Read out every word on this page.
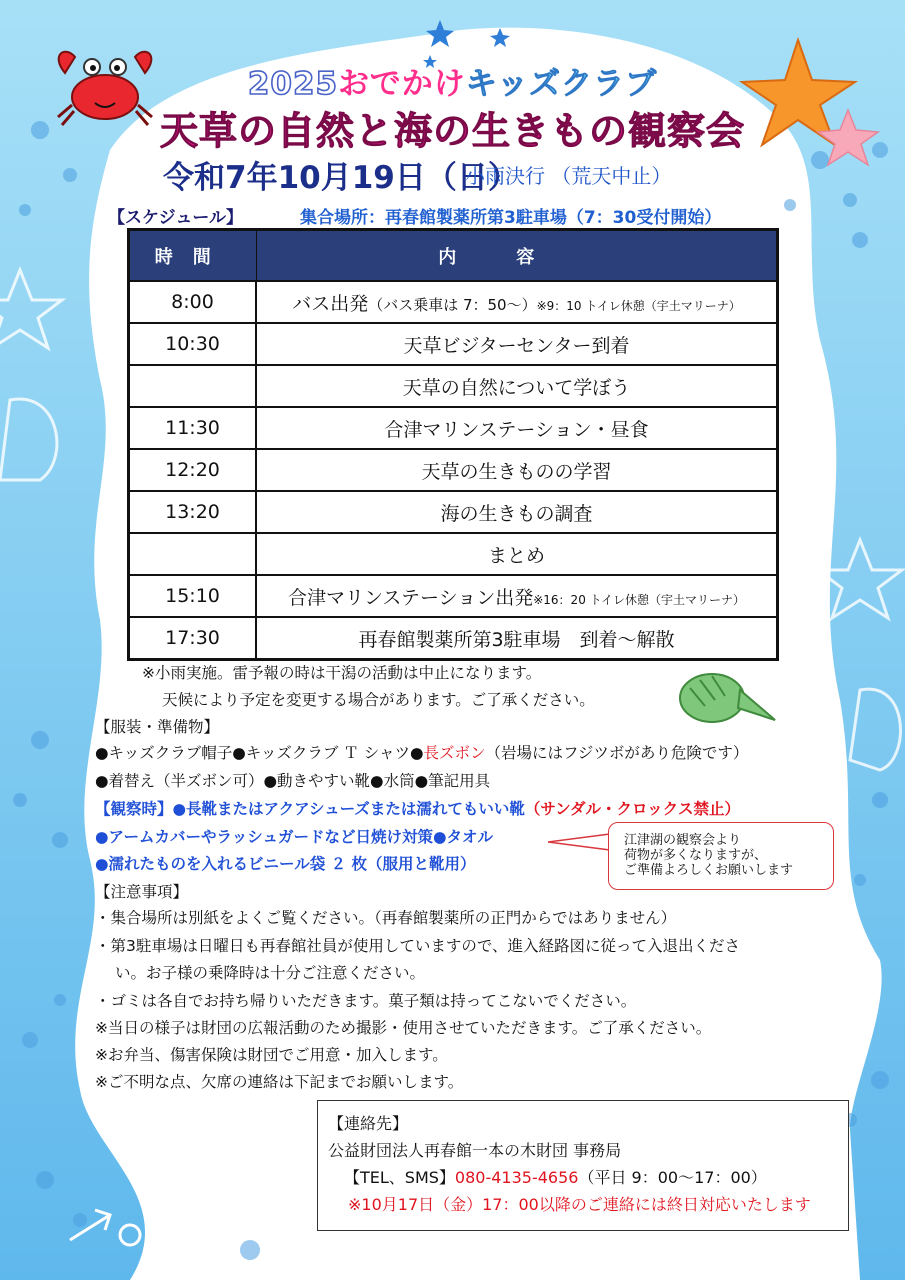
2025おでかけキッズクラブ
天草の自然と海の生きもの観察会
令和7年10月19日（日）
小雨決行 （荒天中止）
【スケジュール】	集合場所：再春館製薬所第3駐車場（7：30受付開始）
時間	内容
8:00	バス出発（バス乗車は 7：50～）※9：10 トイレ休憩（宇土マリーナ）
10:30	天草ビジターセンター到着
	天草の自然について学ぼう
11:30	合津マリンステーション・昼食
12:20	天草の生きものの学習
13:20	海の生きもの調査
	まとめ
15:10	合津マリンステーション出発※16：20 トイレ休憩（宇土マリーナ）
17:30	再春館製薬所第3駐車場　到着～解散
※小雨実施。雷予報の時は干潟の活動は中止になります。
天候により予定を変更する場合があります。ご了承ください。
【服装・準備物】
●キッズクラブ帽子●キッズクラブ Ｔ シャツ●長ズボン（岩場にはフジツボがあり危険です）
●着替え（半ズボン可）●動きやすい靴●水筒●筆記用具
【観察時】●長靴またはアクアシューズまたは濡れてもいい靴（サンダル・クロックス禁止）
●アームカバーやラッシュガードなど日焼け対策●タオル
●濡れたものを入れるビニール袋 ２ 枚（服用と靴用）
江津湖の観察会より
荷物が多くなりますが、
ご準備よろしくお願いします
【注意事項】
・集合場所は別紙をよくご覧ください。（再春館製薬所の正門からではありません）
・第3駐車場は日曜日も再春館社員が使用していますので、進入経路図に従って入退出くださ
い。お子様の乗降時は十分ご注意ください。
・ゴミは各自でお持ち帰りいただきます。菓子類は持ってこないでください。
※当日の様子は財団の広報活動のため撮影・使用させていただきます。ご了承ください。
※お弁当、傷害保険は財団でご用意・加入します。
※ご不明な点、欠席の連絡は下記までお願いします。
【連絡先】
公益財団法人再春館一本の木財団 事務局
【TEL、SMS】080-4135-4656（平日 9：00～17：00）
※10月17日（金）17：00以降のご連絡には終日対応いたします
